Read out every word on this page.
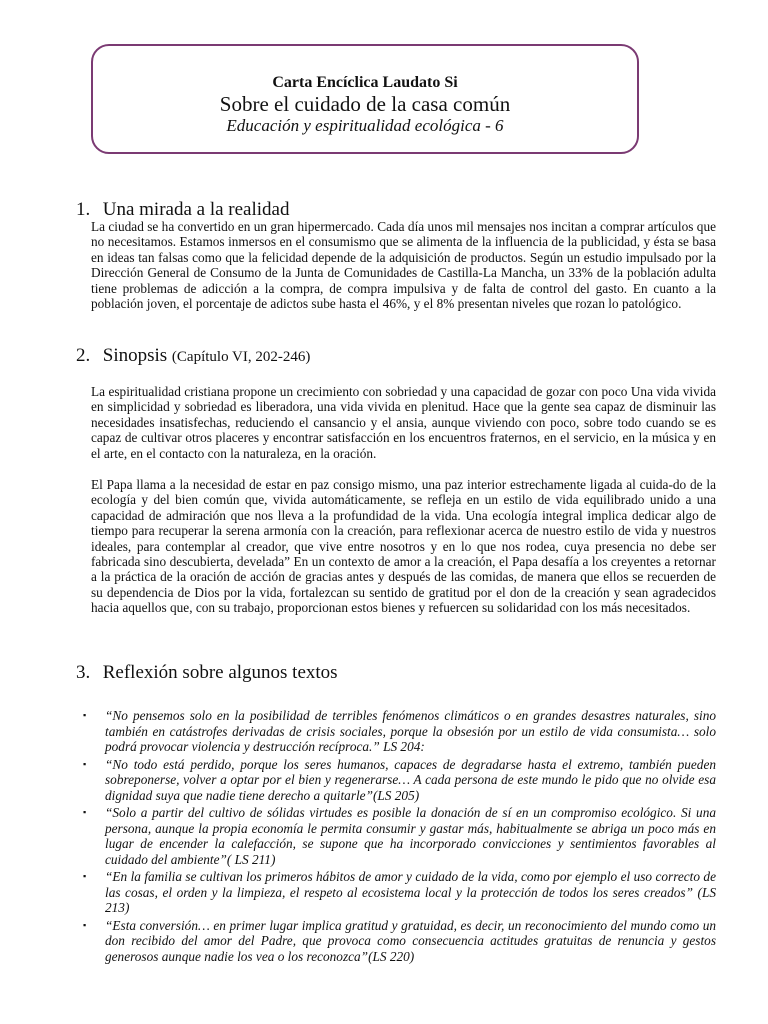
Carta Encíclica Laudato Si
Sobre el cuidado de la casa común
Educación y espiritualidad ecológica - 6
1. Una mirada a la realidad

La ciudad se ha convertido en un gran hipermercado. Cada día unos mil mensajes nos incitan a comprar artículos que no necesitamos. Estamos inmersos en el consumismo que se alimenta de la influencia de la publicidad, y ésta se basa en ideas tan falsas como que la felicidad depende de la adquisición de productos. Según un estudio impulsado por la Dirección General de Consumo de la Junta de Comunidades de Castilla-La Mancha, un 33% de la población adulta tiene problemas de adicción a la compra, de compra impulsiva y de falta de control del gasto. En cuanto a la población joven, el porcentaje de adictos sube hasta el 46%, y el 8% presentan niveles que rozan lo patológico.

2. Sinopsis (Capítulo VI, 202-246)

La espiritualidad cristiana propone un crecimiento con sobriedad y una capacidad de gozar con poco Una vida vivida en simplicidad y sobriedad es liberadora, una vida vivida en plenitud. Hace que la gente sea capaz de disminuir las necesidades insatisfechas, reduciendo el cansancio y el ansia, aunque viviendo con poco, sobre todo cuando se es capaz de cultivar otros placeres y encontrar satisfacción en los encuentros fraternos, en el servicio, en la música y en el arte, en el contacto con la naturaleza, en la oración.

El Papa llama a la necesidad de estar en paz consigo mismo, una paz interior estrechamente ligada al cuida-do de la ecología y del bien común que, vivida automáticamente, se refleja en un estilo de vida equilibrado unido a una capacidad de admiración que nos lleva a la profundidad de la vida. Una ecología integral implica dedicar algo de tiempo para recuperar la serena armonía con la creación, para reflexionar acerca de nuestro estilo de vida y nuestros ideales, para contemplar al creador, que vive entre nosotros y en lo que nos rodea, cuya presencia no debe ser fabricada sino descubierta, develada” En un contexto de amor a la creación, el Papa desafía a los creyentes a retornar a la práctica de la oración de acción de gracias antes y después de las comidas, de manera que ellos se recuerden de su dependencia de Dios por la vida, fortalezcan su sentido de gratitud por el don de la creación y sean agradecidos hacia aquellos que, con su trabajo, proporcionan estos bienes y refuercen su solidaridad con los más necesitados.

3. Reflexión sobre algunos textos
▪ “No pensemos solo en la posibilidad de terribles fenómenos climáticos o en grandes desastres naturales, sino también en catástrofes derivadas de crisis sociales, porque la obsesión por un estilo de vida consumista… solo podrá provocar violencia y destrucción recíproca.” LS 204:
▪ “No todo está perdido, porque los seres humanos, capaces de degradarse hasta el extremo, también pueden sobreponerse, volver a optar por el bien y regenerarse… A cada persona de este mundo le pido que no olvide esa dignidad suya que nadie tiene derecho a quitarle”(LS 205)
▪ “Solo a partir del cultivo de sólidas virtudes es posible la donación de sí en un compromiso ecológico. Si una persona, aunque la propia economía le permita consumir y gastar más, habitualmente se abriga un poco más en lugar de encender la calefacción, se supone que ha incorporado convicciones y sentimientos favorables al cuidado del ambiente”( LS 211)
▪ “En la familia se cultivan los primeros hábitos de amor y cuidado de la vida, como por ejemplo el uso correcto de las cosas, el orden y la limpieza, el respeto al ecosistema local y la protección de todos los seres creados” (LS 213)
▪ “Esta conversión… en primer lugar implica gratitud y gratuidad, es decir, un reconocimiento del mundo como un don recibido del amor del Padre, que provoca como consecuencia actitudes gratuitas de renuncia y gestos generosos aunque nadie los vea o los reconozca”(LS 220)
